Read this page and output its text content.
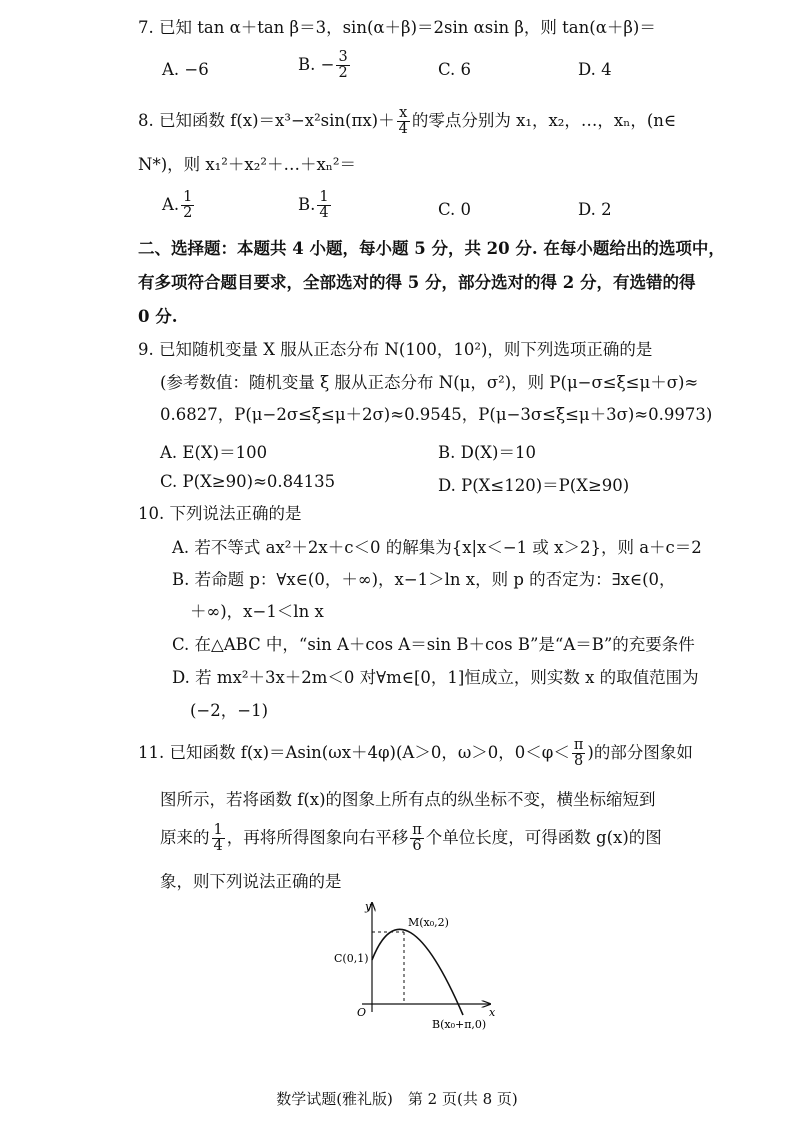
7. 已知 tan α＋tan β＝3，sin(α＋β)＝2sin αsin β，则 tan(α＋β)＝
A. −6	B. − $\frac{3}{2}$	C. 6	D. 4
8. 已知函数 $f(x)=x^3-x^2\sin(\pi x)+ \frac{x}{4}$ 的零点分别为 x₁，x₂，…，xₙ，(n∈
N*)，则 x₁²＋x₂²＋…＋xₙ²＝
A. $\frac{1}{2}$	B. $\frac{1}{4}$	C. 0	D. 2
二、选择题：本题共 4 小题，每小题 5 分，共 20 分. 在每小题给出的选项中，
有多项符合题目要求，全部选对的得 5 分，部分选对的得 2 分，有选错的得
0 分.
9. 已知随机变量 X 服从正态分布 N(100，10²)，则下列选项正确的是
(参考数值：随机变量 ξ 服从正态分布 N(μ，σ²)，则 P(μ−σ≤ξ≤μ＋σ)≈
0.6827，P(μ−2σ≤ξ≤μ＋2σ)≈0.9545，P(μ−3σ≤ξ≤μ＋3σ)≈0.9973)
A. E(X)＝100	B. D(X)＝10
C. P(X≥90)≈0.84135	D. P(X≤120)＝P(X≥90)
10. 下列说法正确的是
A. 若不等式 ax²＋2x＋c＜0 的解集为{x|x＜−1 或 x＞2}，则 a＋c＝2
B. 若命题 p：∀x∈(0，＋∞)，x−1＞ln x，则 p 的否定为：∃x∈(0，
＋∞)，x−1＜ln x
C. 在△ABC 中，“sin A＋cos A＝sin B＋cos B”是“A＝B”的充要条件
D. 若 mx²＋3x＋2m＜0 对∀m∈[0，1]恒成立，则实数 x 的取值范围为
(−2，−1)
11. 已知函数 f(x)＝Asin(ωx＋4φ)(A＞0，ω＞0，$0<\varphi< \frac{\pi}{8}$ )的部分图象如
图所示，若将函数 f(x)的图象上所有点的纵坐标不变，横坐标缩短到
原来的 $\frac{1}{4}$ ，再将所得图象向右平移 $\frac{\pi}{6}$ 个单位长度，可得函数 g(x)的图
象，则下列说法正确的是
y
x
O
M(x₀,2)
C(0,1)
B(x₀+π,0)
数学试题(雅礼版)　第 2 页(共 8 页)
